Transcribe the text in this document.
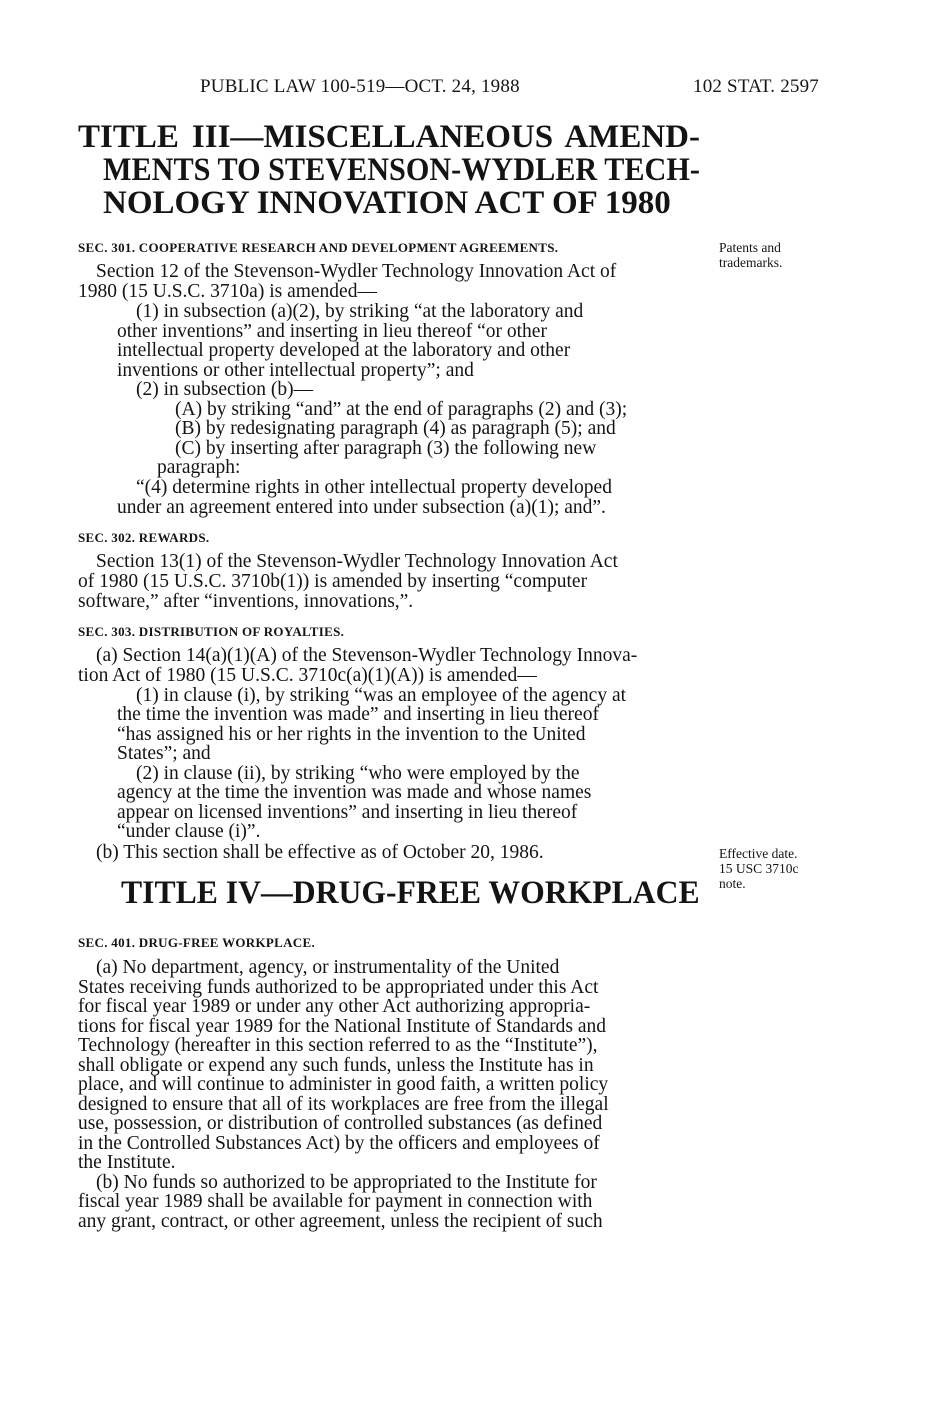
PUBLIC LAW 100-519—OCT. 24, 1988	102 STAT. 2597
TITLE III—MISCELLANEOUS AMEND-
MENTS TO STEVENSON-WYDLER TECH-
NOLOGY INNOVATION ACT OF 1980
SEC. 301. COOPERATIVE RESEARCH AND DEVELOPMENT AGREEMENTS.	Patents and
trademarks.
Section 12 of the Stevenson-Wydler Technology Innovation Act of
1980 (15 U.S.C. 3710a) is amended—
(1) in subsection (a)(2), by striking “at the laboratory and
other inventions” and inserting in lieu thereof “or other
intellectual property developed at the laboratory and other
inventions or other intellectual property”; and
(2) in subsection (b)—
(A) by striking “and” at the end of paragraphs (2) and (3);
(B) by redesignating paragraph (4) as paragraph (5); and
(C) by inserting after paragraph (3) the following new
paragraph:
“(4) determine rights in other intellectual property developed
under an agreement entered into under subsection (a)(1); and”.
SEC. 302. REWARDS.
Section 13(1) of the Stevenson-Wydler Technology Innovation Act
of 1980 (15 U.S.C. 3710b(1)) is amended by inserting “computer
software,” after “inventions, innovations,”.
SEC. 303. DISTRIBUTION OF ROYALTIES.
(a) Section 14(a)(1)(A) of the Stevenson-Wydler Technology Innova-
tion Act of 1980 (15 U.S.C. 3710c(a)(1)(A)) is amended—
(1) in clause (i), by striking “was an employee of the agency at
the time the invention was made” and inserting in lieu thereof
“has assigned his or her rights in the invention to the United
States”; and
(2) in clause (ii), by striking “who were employed by the
agency at the time the invention was made and whose names
appear on licensed inventions” and inserting in lieu thereof
“under clause (i)”.
(b) This section shall be effective as of October 20, 1986.	Effective date.
15 USC 3710c
note.
TITLE IV—DRUG-FREE WORKPLACE
SEC. 401. DRUG-FREE WORKPLACE.
(a) No department, agency, or instrumentality of the United
States receiving funds authorized to be appropriated under this Act
for fiscal year 1989 or under any other Act authorizing appropria-
tions for fiscal year 1989 for the National Institute of Standards and
Technology (hereafter in this section referred to as the “Institute”),
shall obligate or expend any such funds, unless the Institute has in
place, and will continue to administer in good faith, a written policy
designed to ensure that all of its workplaces are free from the illegal
use, possession, or distribution of controlled substances (as defined
in the Controlled Substances Act) by the officers and employees of
the Institute.
(b) No funds so authorized to be appropriated to the Institute for
fiscal year 1989 shall be available for payment in connection with
any grant, contract, or other agreement, unless the recipient of such
